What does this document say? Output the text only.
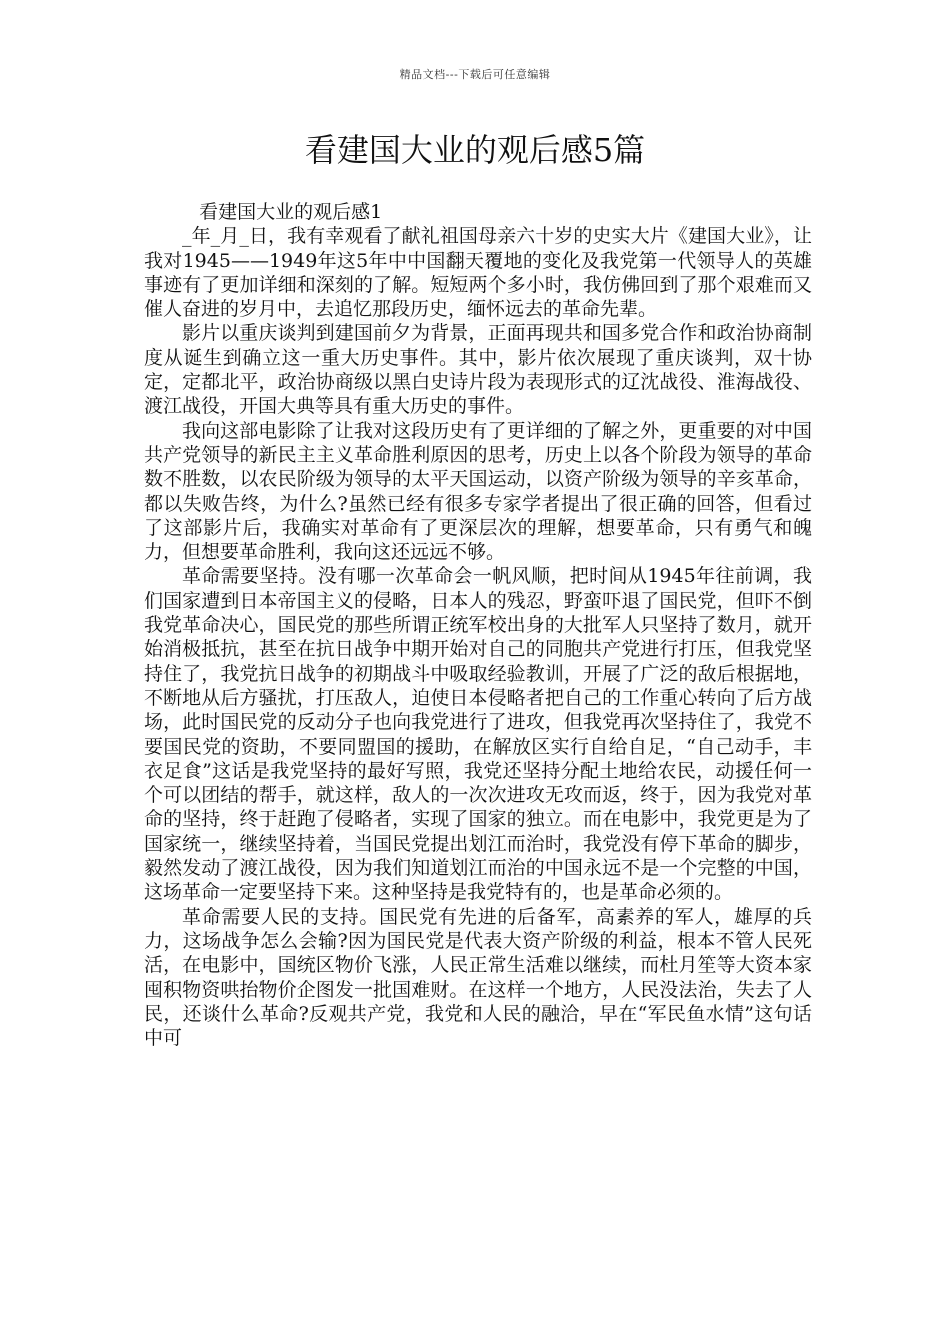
精品文档---下载后可任意编辑
看建国大业的观后感5篇

看建国大业的观后感1

_年_月_日，我有幸观看了献礼祖国母亲六十岁的史实大片《建国大业》，让我对1945——1949年这5年中中国翻天覆地的变化及我党第一代领导人的英雄事迹有了更加详细和深刻的了解。短短两个多小时，我仿佛回到了那个艰难而又催人奋进的岁月中，去追忆那段历史，缅怀远去的革命先辈。

影片以重庆谈判到建国前夕为背景，正面再现共和国多党合作和政治协商制度从诞生到确立这一重大历史事件。其中，影片依次展现了重庆谈判，双十协定，定都北平，政治协商级以黑白史诗片段为表现形式的辽沈战役、淮海战役、渡江战役，开国大典等具有重大历史的事件。

我向这部电影除了让我对这段历史有了更详细的了解之外，更重要的对中国共产党领导的新民主主义革命胜利原因的思考，历史上以各个阶段为领导的革命数不胜数，以农民阶级为领导的太平天国运动，以资产阶级为领导的辛亥革命，都以失败告终，为什么?虽然已经有很多专家学者提出了很正确的回答，但看过了这部影片后，我确实对革命有了更深层次的理解，想要革命，只有勇气和魄力，但想要革命胜利，我向这还远远不够。

革命需要坚持。没有哪一次革命会一帆风顺，把时间从1945年往前调，我们国家遭到日本帝国主义的侵略，日本人的残忍，野蛮吓退了国民党，但吓不倒我党革命决心，国民党的那些所谓正统军校出身的大批军人只坚持了数月，就开始消极抵抗，甚至在抗日战争中期开始对自己的同胞共产党进行打压，但我党坚持住了，我党抗日战争的初期战斗中吸取经验教训，开展了广泛的敌后根据地，不断地从后方骚扰，打压敌人，迫使日本侵略者把自己的工作重心转向了后方战场，此时国民党的反动分子也向我党进行了进攻，但我党再次坚持住了，我党不要国民党的资助，不要同盟国的援助，在解放区实行自给自足，“自己动手，丰衣足食”这话是我党坚持的最好写照，我党还坚持分配土地给农民，动援任何一个可以团结的帮手，就这样，敌人的一次次进攻无攻而返，终于，因为我党对革命的坚持，终于赶跑了侵略者，实现了国家的独立。而在电影中，我党更是为了国家统一，继续坚持着，当国民党提出划江而治时，我党没有停下革命的脚步，毅然发动了渡江战役，因为我们知道划江而治的中国永远不是一个完整的中国，这场革命一定要坚持下来。这种坚持是我党特有的，也是革命必须的。

革命需要人民的支持。国民党有先进的后备军，高素养的军人，雄厚的兵力，这场战争怎么会输?因为国民党是代表大资产阶级的利益，根本不管人民死活，在电影中，国统区物价飞涨，人民正常生活难以继续，而杜月笙等大资本家囤积物资哄抬物价企图发一批国难财。在这样一个地方，人民没法治，失去了人民，还谈什么革命?反观共产党，我党和人民的融洽，早在“军民鱼水情”这句话中可
